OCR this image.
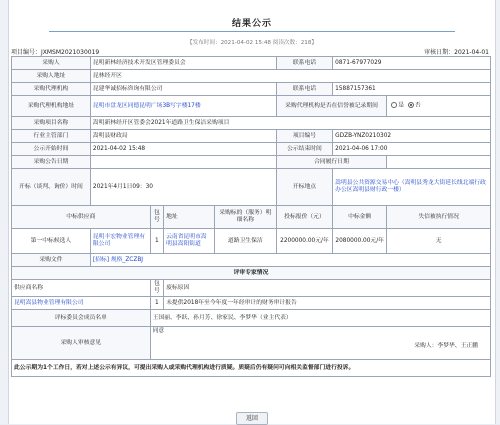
结果公示
【发布时间：2021-04-02 15:48 阅读次数：218】
项目编号：JXMSM2021030019	审核日期：2021-04-01
采购人	昆明新林经济技术开发区管理委员会				联系电话	0871-67977029	
采购人地址	昆林经开区						
采购代理机构	昆建华诚招标咨询有限公司				联系电话	15887157361	
采购代理机构地址	昆明市盘龙区同德昆明广场3B写字楼17楼				采购代理机构是否在信誉被记录期间		是 否
采购项目名称	嵩明新林经开区管委会2021年道路卫生保洁采购项目						
行业主管部门	嵩明县财政局				项目编号	GDZB-YNZ0210302	
公示开始时间	2021-04-02 15:48				公示结束时间	2021-04-06 17:00	
采购公告日期					合同履行日期		
开标（谈判、询价）时间	2021年4月1日09：30				开标地点	嵩明县公共资源交易中心（嵩明县秀龙大街延长线北端行政办公区嵩明县财行政一楼）	
中标供应商		包号	地址	采购标的（服务）明细名称	投标报价（元）	中标金额	失信被执行情况
第一中标候选人	昆明丰宏物业管理有限公司	1	云南省昆明市嵩明县嵩阳街道	道路卫生保洁	2200000.00元/年	2080000.00元/年	无
采购文件	[招标] 规格_ZCZBJ						
评审专家情况							
供应商名称		包号	废标原因				
昆明嵩县物业管理有限公司		1	未提供2018年至今年度一年经审计的财务审计报告				
评标委员会成员名单		王国丽、李跃、孙月芳、徐家民、李梦华（业主代表）					
采购人审核意见		同意
采购人：李梦华、王正鹏					

此公示期为1个工作日，若对上述公示有异议，可提出采购人或采购代理机构进行质疑。质疑后仍有疑问可向相关监督部门进行投诉。							
返回
